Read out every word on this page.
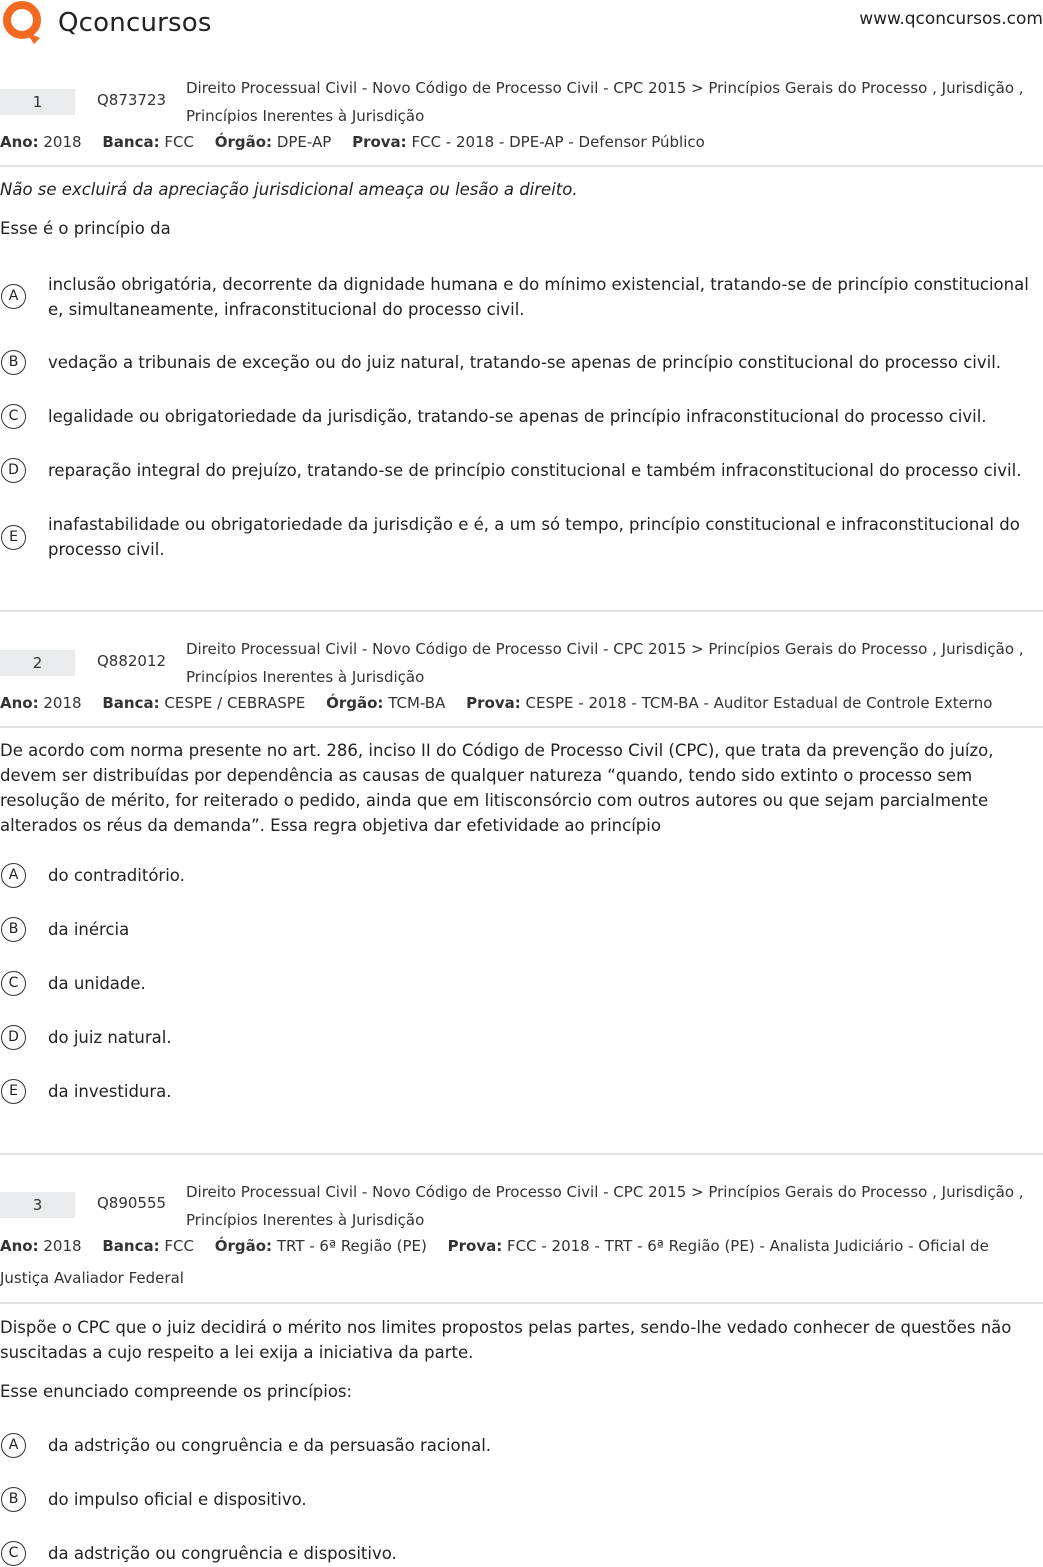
Qconcursos	www.qconcursos.com
1	Q873723
Direito Processual Civil - Novo Código de Processo Civil - CPC 2015 > Princípios Gerais do Processo , Jurisdição , Princípios Inerentes à Jurisdição
Ano: 2018 Banca: FCC Órgão: DPE-AP Prova: FCC - 2018 - DPE-AP - Defensor Público
Não se excluirá da apreciação jurisdicional ameaça ou lesão a direito.
Esse é o princípio da
A
inclusão obrigatória, decorrente da dignidade humana e do mínimo existencial, tratando-se de princípio constitucional e, simultaneamente, infraconstitucional do processo civil.
B	vedação a tribunais de exceção ou do juiz natural, tratando-se apenas de princípio constitucional do processo civil.
C	legalidade ou obrigatoriedade da jurisdição, tratando-se apenas de princípio infraconstitucional do processo civil.
D	reparação integral do prejuízo, tratando-se de princípio constitucional e também infraconstitucional do processo civil.
E
inafastabilidade ou obrigatoriedade da jurisdição e é, a um só tempo, princípio constitucional e infraconstitucional do processo civil.
2	Q882012
Direito Processual Civil - Novo Código de Processo Civil - CPC 2015 > Princípios Gerais do Processo , Jurisdição , Princípios Inerentes à Jurisdição
Ano: 2018 Banca: CESPE / CEBRASPE Órgão: TCM-BA Prova: CESPE - 2018 - TCM-BA - Auditor Estadual de Controle Externo
De acordo com norma presente no art. 286, inciso II do Código de Processo Civil (CPC), que trata da prevenção do juízo, devem ser distribuídas por dependência as causas de qualquer natureza “quando, tendo sido extinto o processo sem resolução de mérito, for reiterado o pedido, ainda que em litisconsórcio com outros autores ou que sejam parcialmente alterados os réus da demanda”. Essa regra objetiva dar efetividade ao princípio
A	do contraditório.
B	da inércia
C	da unidade.
D	do juiz natural.
E	da investidura.
3	Q890555
Direito Processual Civil - Novo Código de Processo Civil - CPC 2015 > Princípios Gerais do Processo , Jurisdição , Princípios Inerentes à Jurisdição
Ano: 2018 Banca: FCC Órgão: TRT - 6ª Região (PE) Prova: FCC - 2018 - TRT - 6ª Região (PE) - Analista Judiciário - Oficial de Justiça Avaliador Federal
Dispõe o CPC que o juiz decidirá o mérito nos limites propostos pelas partes, sendo-lhe vedado conhecer de questões não suscitadas a cujo respeito a lei exija a iniciativa da parte.
Esse enunciado compreende os princípios:
A	da adstrição ou congruência e da persuasão racional.
B	do impulso oficial e dispositivo.
C	da adstrição ou congruência e dispositivo.
